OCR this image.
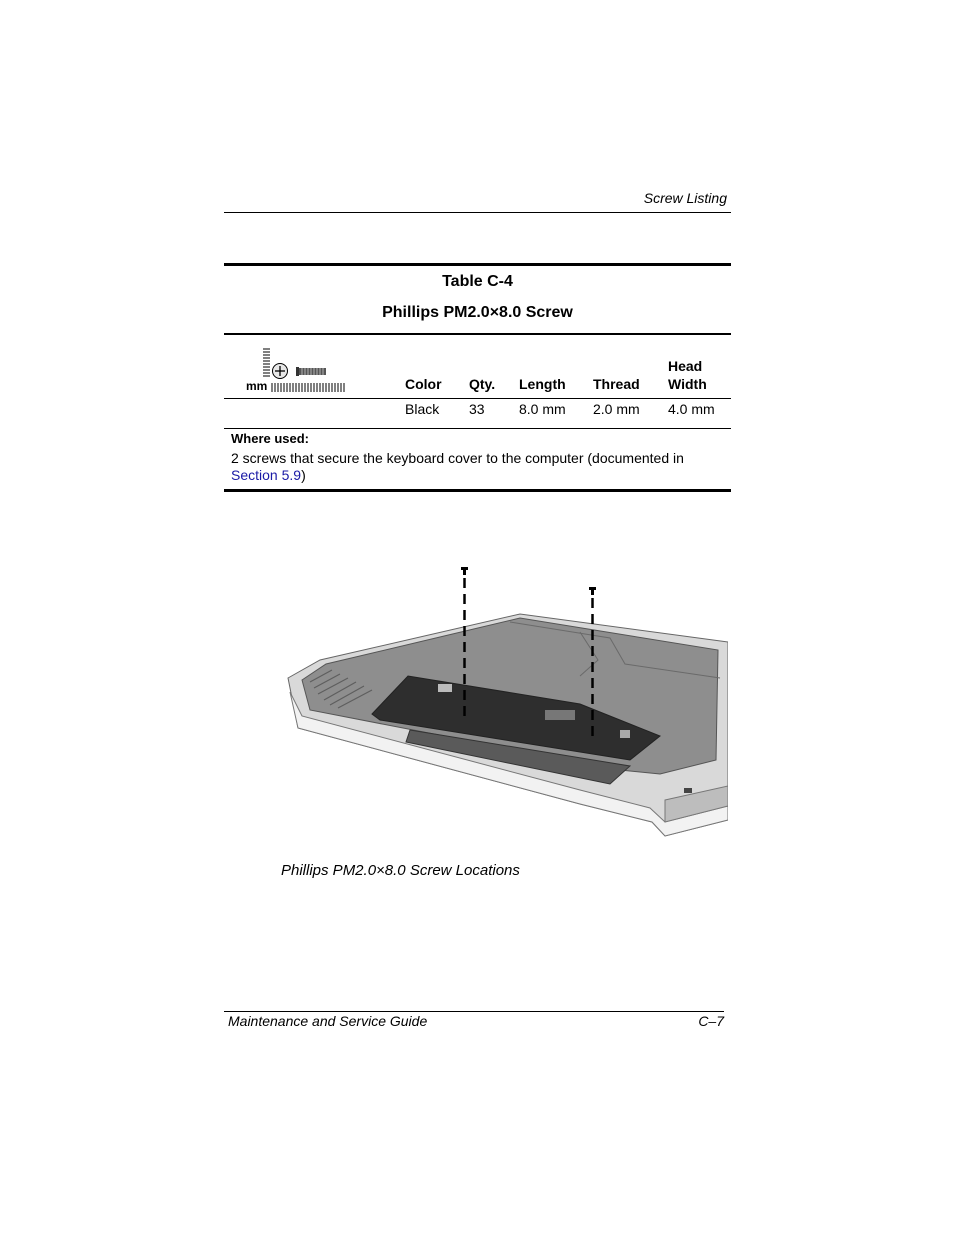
Screw Listing
Table C-4
Phillips PM2.0×8.0 Screw
mm	Color Qty. Length Thread
Head
Width
Black 33 8.0 mm 2.0 mm 4.0 mm
Where used:
2 screws that secure the keyboard cover to the computer (documented in Section 5.9)
Phillips PM2.0×8.0 Screw Locations
Maintenance and Service Guide	C–7
